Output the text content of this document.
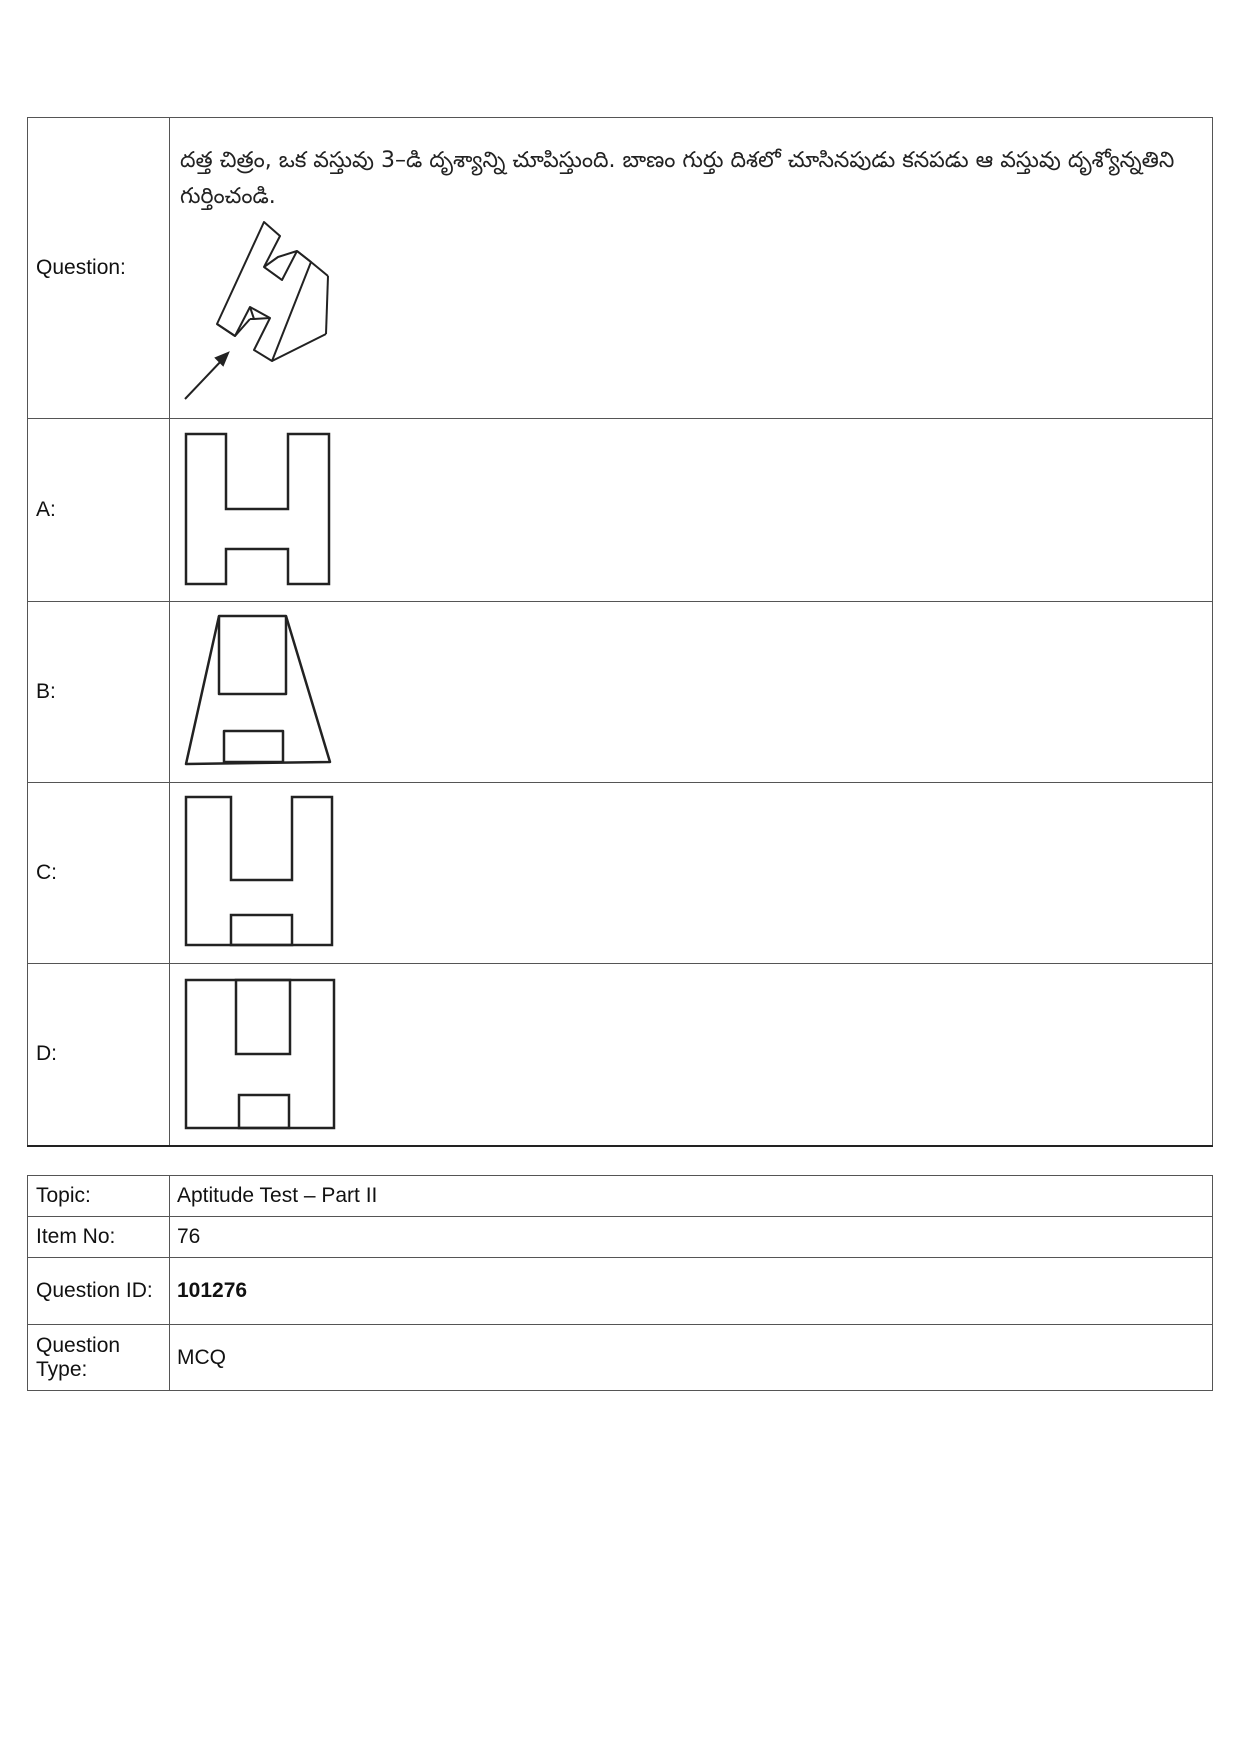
Question:	దత్త చిత్రం, ఒక వస్తువు 3–డి దృశ్యాన్ని చూపిస్తుంది. బాణం గుర్తు దిశలో చూసినపుడు కనపడు ఆ వస్తువు దృశ్యోన్నతిని గుర్తించండి.

A:	

B:	

C:	

D:	
Topic:	Aptitude Test – Part II
Item No:	76
Question ID:	101276
Question Type:	MCQ
